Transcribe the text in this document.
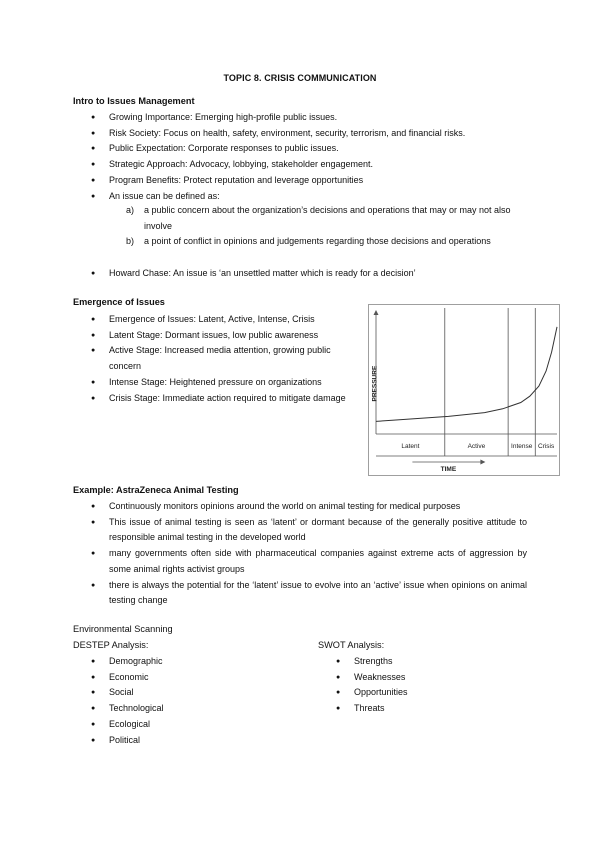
TOPIC 8. CRISIS COMMUNICATION
Intro to Issues Management
● Growing Importance: Emerging high-profile public issues.
● Risk Society: Focus on health, safety, environment, security, terrorism, and financial risks.
● Public Expectation: Corporate responses to public issues.
● Strategic Approach: Advocacy, lobbying, stakeholder engagement.
● Program Benefits: Protect reputation and leverage opportunities
● An issue can be defined as:
a)	a public concern about the organization’s decisions and operations that may or may not also involve
b)	a point of conflict in opinions and judgements regarding those decisions and operations
● Howard Chase: An issue is ‘an unsettled matter which is ready for a decision’
Emergence of Issues
● Emergence of Issues: Latent, Active, Intense, Crisis
● Latent Stage: Dormant issues, low public awareness
● Active Stage: Increased media attention, growing public concern
● Intense Stage: Heightened pressure on organizations
● Crisis Stage: Immediate action required to mitigate damage
Latent	Active	Intense Crisis
TIME
PRESSURE
Example: AstraZeneca Animal Testing
● Continuously monitors opinions around the world on animal testing for medical purposes
● This issue of animal testing is seen as ‘latent’ or dormant because of the generally positive attitude to responsible animal testing in the developed world
● many governments often side with pharmaceutical companies against extreme acts of aggression by some animal rights activist groups
● there is always the potential for the ‘latent’ issue to evolve into an ‘active’ issue when opinions on animal testing change
Environmental Scanning
DESTEP Analysis:
● Demographic
● Economic
● Social
● Technological
● Ecological
● Political
SWOT Analysis:
● Strengths
● Weaknesses
● Opportunities
● Threats
